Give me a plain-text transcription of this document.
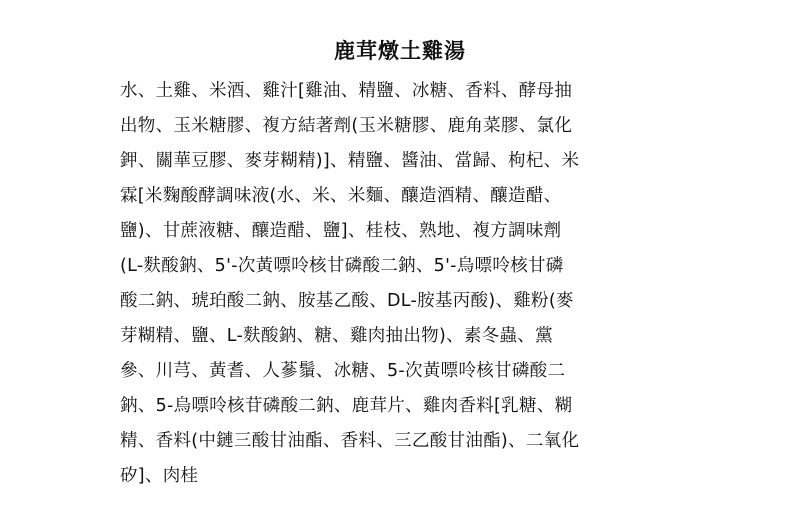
鹿茸燉土雞湯
水、土雞、米酒、雞汁[雞油、精鹽、冰糖、香料、酵母抽
出物、玉米糖膠、複方結著劑(玉米糖膠、鹿角菜膠、氯化
鉀、關華豆膠、麥芽糊精)]、精鹽、醬油、當歸、枸杞、米
霖[米麴酸酵調味液(水、米、米麵、釀造酒精、釀造醋、
鹽)、甘蔗液糖、釀造醋、鹽]、桂枝、熟地、複方調味劑
(L-麩酸鈉、5'-次黃嘌呤核甘磷酸二鈉、5'-烏嘌呤核甘磷
酸二鈉、琥珀酸二鈉、胺基乙酸、DL-胺基丙酸)、雞粉(麥
芽糊精、鹽、L-麩酸鈉、糖、雞肉抽出物)、素冬蟲、黨
參、川芎、黃耆、人蔘鬚、冰糖、5-次黃嘌呤核甘磷酸二
鈉、5-烏嘌呤核苷磷酸二鈉、鹿茸片、雞肉香料[乳糖、糊
精、香料(中鏈三酸甘油酯、香料、三乙酸甘油酯)、二氧化
矽]、肉桂
